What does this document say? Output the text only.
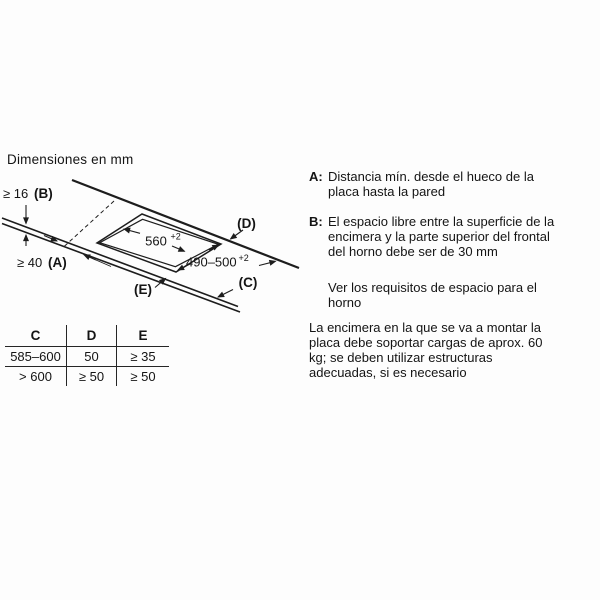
Dimensiones en mm
560 +2
490–500 +2
≥ 16 (B)
≥ 40 (A)
(D)
(C)
(E)
C	D	E
585–600	50	≥ 35
> 600	≥ 50	≥ 50
A: Distancia mín. desde el hueco de la placa hasta la pared
B: El espacio libre entre la superficie de la encimera y la parte superior del frontal del horno debe ser de 30 mm
Ver los requisitos de espacio para el horno
La encimera en la que se va a montar la placa debe soportar cargas de aprox. 60 kg; se deben utilizar estructuras adecuadas, si es necesario
